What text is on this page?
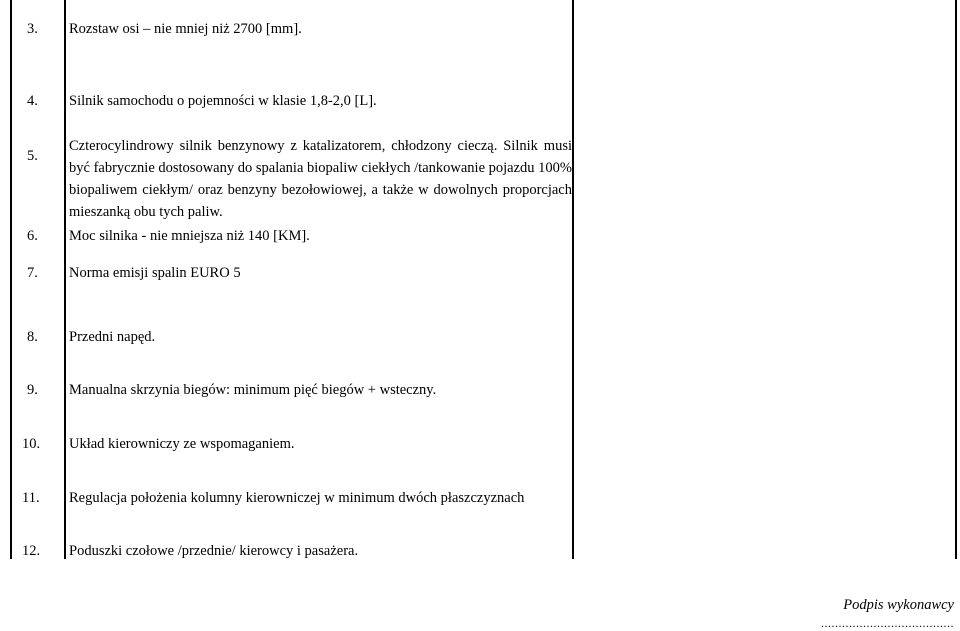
3. Rozstaw osi – nie mniej niż 2700 [mm].
4. Silnik samochodu o pojemności w klasie 1,8-2,0 [L].
5.
Czterocylindrowy silnik benzynowy z katalizatorem, chłodzony cieczą. Silnik musi być fabrycznie dostosowany do spalania biopaliw ciekłych /tankowanie pojazdu 100% biopaliwem ciekłym/ oraz benzyny bezołowiowej, a także w dowolnych proporcjach mieszanką obu tych paliw.
6. Moc silnika - nie mniejsza niż 140 [KM].
7. Norma emisji spalin EURO 5
8. Przedni napęd.
9. Manualna skrzynia biegów: minimum pięć biegów + wsteczny.
10. Układ kierowniczy ze wspomaganiem.
11. Regulacja położenia kolumny kierowniczej w minimum dwóch płaszczyznach
12. Poduszki czołowe /przednie/ kierowcy i pasażera.
Podpis wykonawcy
......................................
